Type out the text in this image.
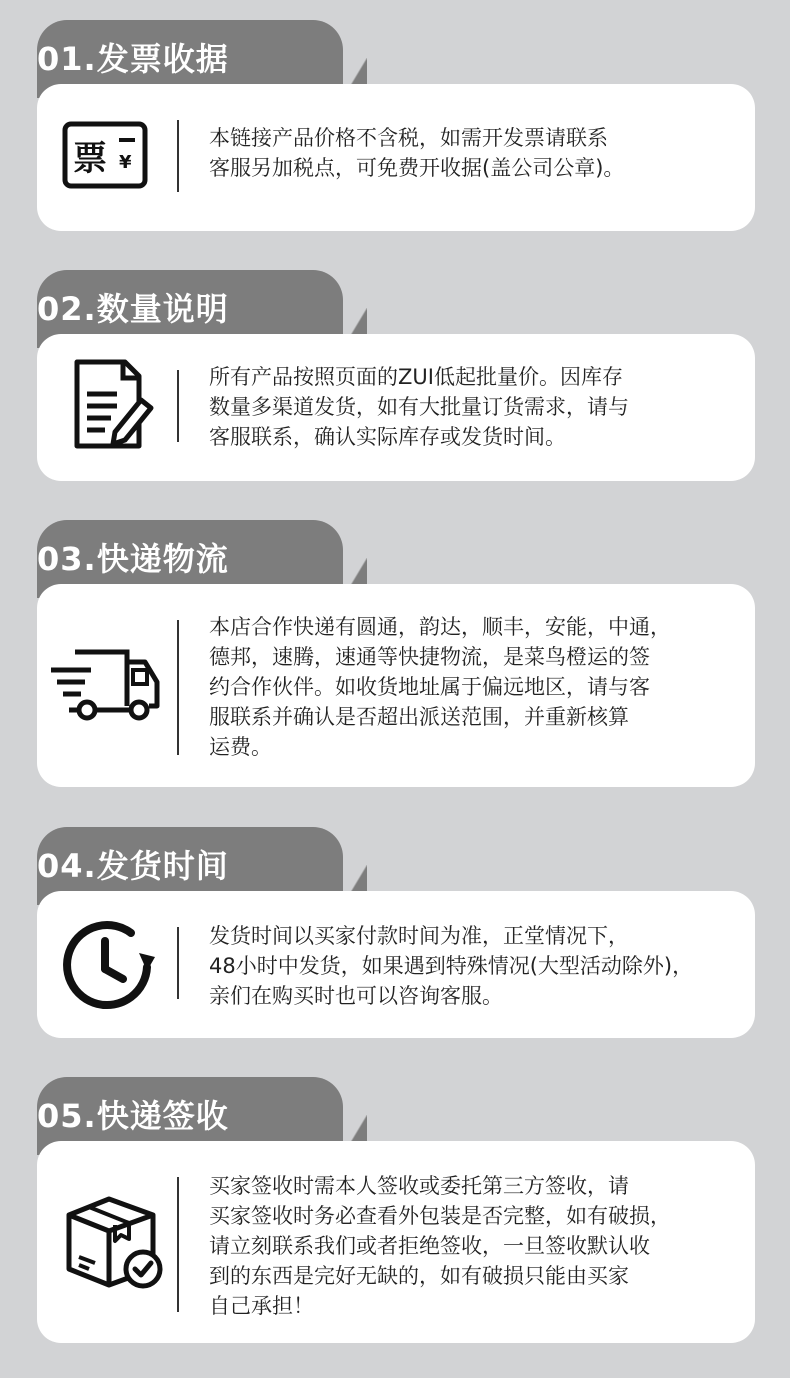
01.发票收据
票 ¥
本链接产品价格不含税，如需开发票请联系
客服另加税点，可免费开收据(盖公司公章)。
02.数量说明
所有产品按照页面的ZUI低起批量价。因库存
数量多渠道发货，如有大批量订货需求，请与
客服联系，确认实际库存或发货时间。
03.快递物流
本店合作快递有圆通，韵达，顺丰，安能，中通，
德邦，速腾，速通等快捷物流，是菜鸟橙运的签
约合作伙伴。如收货地址属于偏远地区，请与客
服联系并确认是否超出派送范围，并重新核算
运费。
04.发货时间
发货时间以买家付款时间为准，正堂情况下，
48小时中发货，如果遇到特殊情况(大型活动除外)，
亲们在购买时也可以咨询客服。
05.快递签收
买家签收时需本人签收或委托第三方签收，请
买家签收时务必查看外包装是否完整，如有破损，
请立刻联系我们或者拒绝签收，一旦签收默认收
到的东西是完好无缺的，如有破损只能由买家
自己承担！
